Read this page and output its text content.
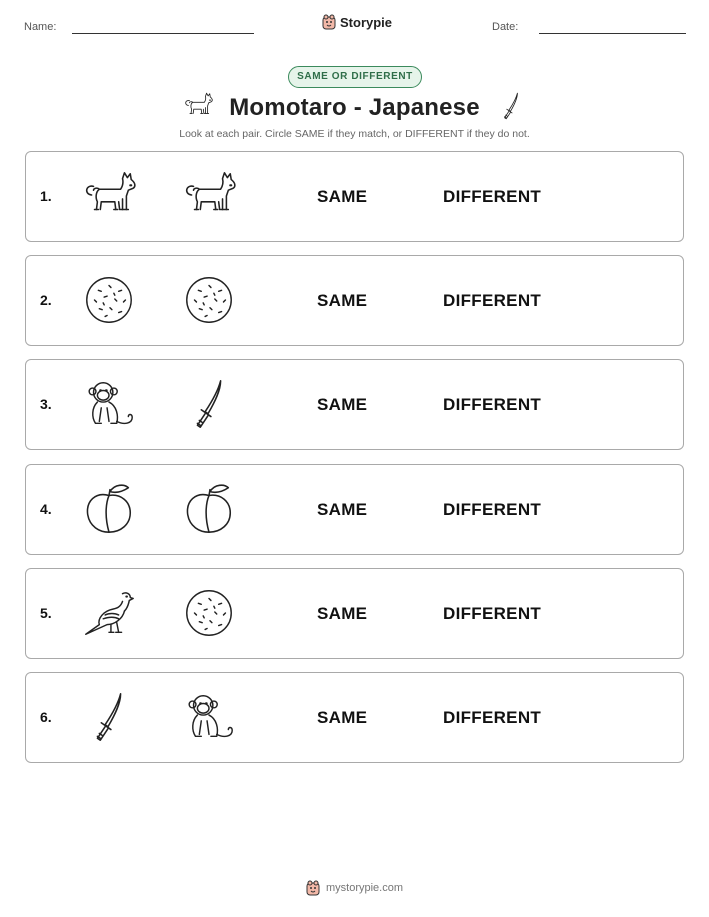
Name:	Storypie	Date:
SAME OR DIFFERENT
Momotaro - Japanese
Look at each pair. Circle SAME if they match, or DIFFERENT if they do not.
1.	SAME	DIFFERENT
2.	SAME	DIFFERENT
3.	SAME	DIFFERENT
4.	SAME	DIFFERENT
5.	SAME	DIFFERENT
6.	SAME	DIFFERENT
mystorypie.com
